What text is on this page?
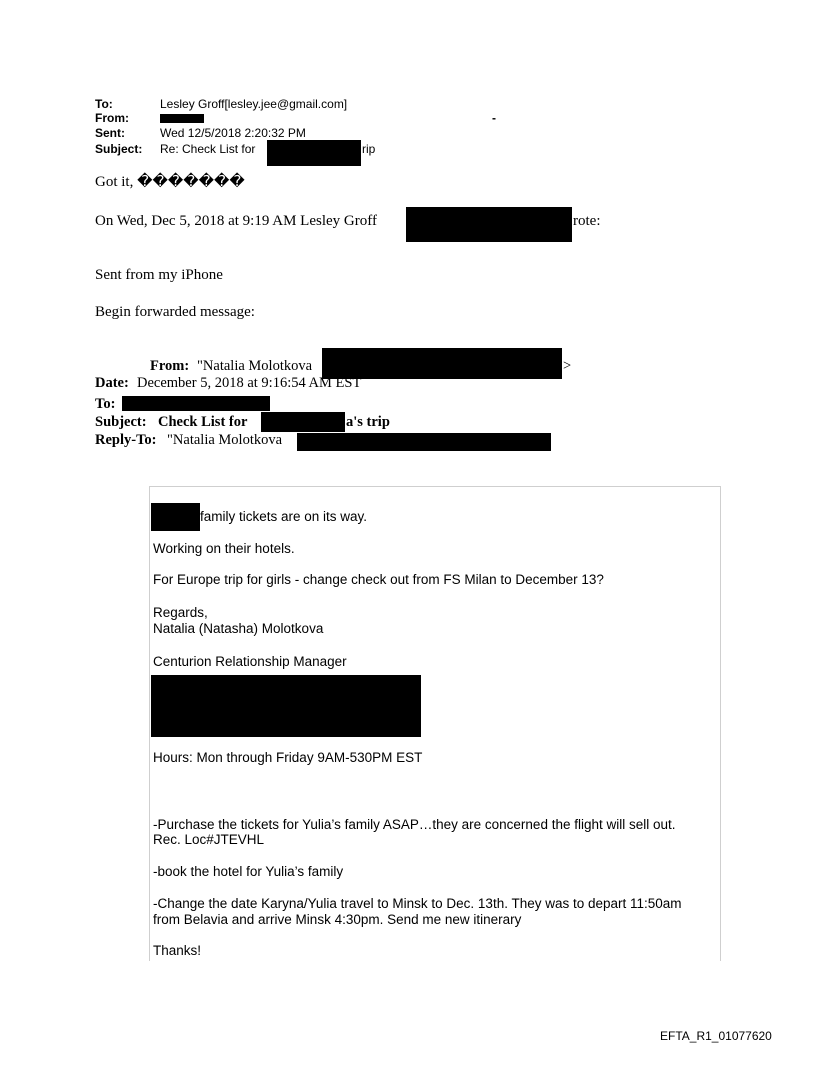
To:	Lesley Groff[lesley.jee@gmail.com]
From:	-
Sent:	Wed 12/5/2018 2:20:32 PM
Subject: Re: Check List for	rip
Got it, �������
On Wed, Dec 5, 2018 at 9:19 AM Lesley Groff	rote:
Sent from my iPhone
Begin forwarded message:
From: "Natalia Molotkova	>
Date: December 5, 2018 at 9:16:54 AM EST
To:
Subject: Check List for	a's trip
Reply-To: "Natalia Molotkova
family tickets are on its way.
Working on their hotels.
For Europe trip for girls - change check out from FS Milan to December 13?
Regards,
Natalia (Natasha) Molotkova
Centurion Relationship Manager
Hours: Mon through Friday 9AM-530PM EST
-Purchase the tickets for Yulia’s family ASAP…they are concerned the flight will sell out.
Rec. Loc#JTEVHL
-book the hotel for Yulia’s family
-Change the date Karyna/Yulia travel to Minsk to Dec. 13th. They was to depart 11:50am
from Belavia and arrive Minsk 4:30pm. Send me new itinerary
Thanks!
EFTA_R1_01077620
